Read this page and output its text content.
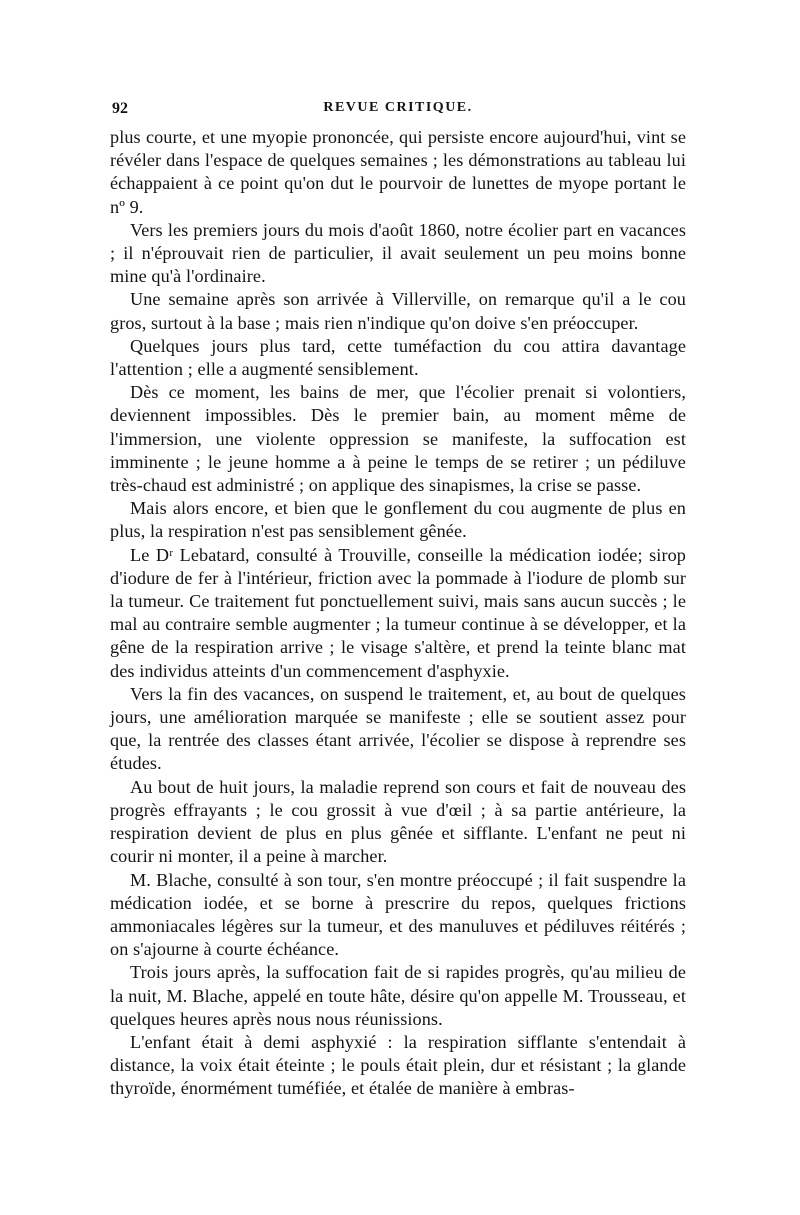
92	REVUE CRITIQUE.

plus courte, et une myopie prononcée, qui persiste encore aujourd'hui, vint se révéler dans l'espace de quelques semaines ; les démonstrations au tableau lui échappaient à ce point qu'on dut le pourvoir de lunettes de myope portant le nº 9.

Vers les premiers jours du mois d'août 1860, notre écolier part en vacances ; il n'éprouvait rien de particulier, il avait seulement un peu moins bonne mine qu'à l'ordinaire.

Une semaine après son arrivée à Villerville, on remarque qu'il a le cou gros, surtout à la base ; mais rien n'indique qu'on doive s'en préoccuper.

Quelques jours plus tard, cette tuméfaction du cou attira davantage l'attention ; elle a augmenté sensiblement.

Dès ce moment, les bains de mer, que l'écolier prenait si volontiers, deviennent impossibles. Dès le premier bain, au moment même de l'immersion, une violente oppression se manifeste, la suffocation est imminente ; le jeune homme a à peine le temps de se retirer ; un pédiluve très-chaud est administré ; on applique des sinapismes, la crise se passe.

Mais alors encore, et bien que le gonflement du cou augmente de plus en plus, la respiration n'est pas sensiblement gênée.

Le Dʳ Lebatard, consulté à Trouville, conseille la médication iodée; sirop d'iodure de fer à l'intérieur, friction avec la pommade à l'iodure de plomb sur la tumeur. Ce traitement fut ponctuellement suivi, mais sans aucun succès ; le mal au contraire semble augmenter ; la tumeur continue à se développer, et la gêne de la respiration arrive ; le visage s'altère, et prend la teinte blanc mat des individus atteints d'un commencement d'asphyxie.

Vers la fin des vacances, on suspend le traitement, et, au bout de quelques jours, une amélioration marquée se manifeste ; elle se soutient assez pour que, la rentrée des classes étant arrivée, l'écolier se dispose à reprendre ses études.

Au bout de huit jours, la maladie reprend son cours et fait de nouveau des progrès effrayants ; le cou grossit à vue d'œil ; à sa partie antérieure, la respiration devient de plus en plus gênée et sifflante. L'enfant ne peut ni courir ni monter, il a peine à marcher.

M. Blache, consulté à son tour, s'en montre préoccupé ; il fait suspendre la médication iodée, et se borne à prescrire du repos, quelques frictions ammoniacales légères sur la tumeur, et des manuluves et pédiluves réitérés ; on s'ajourne à courte échéance.

Trois jours après, la suffocation fait de si rapides progrès, qu'au milieu de la nuit, M. Blache, appelé en toute hâte, désire qu'on appelle M. Trousseau, et quelques heures après nous nous réunissions.

L'enfant était à demi asphyxié : la respiration sifflante s'entendait à distance, la voix était éteinte ; le pouls était plein, dur et résistant ; la glande thyroïde, énormément tuméfiée, et étalée de manière à embras-
